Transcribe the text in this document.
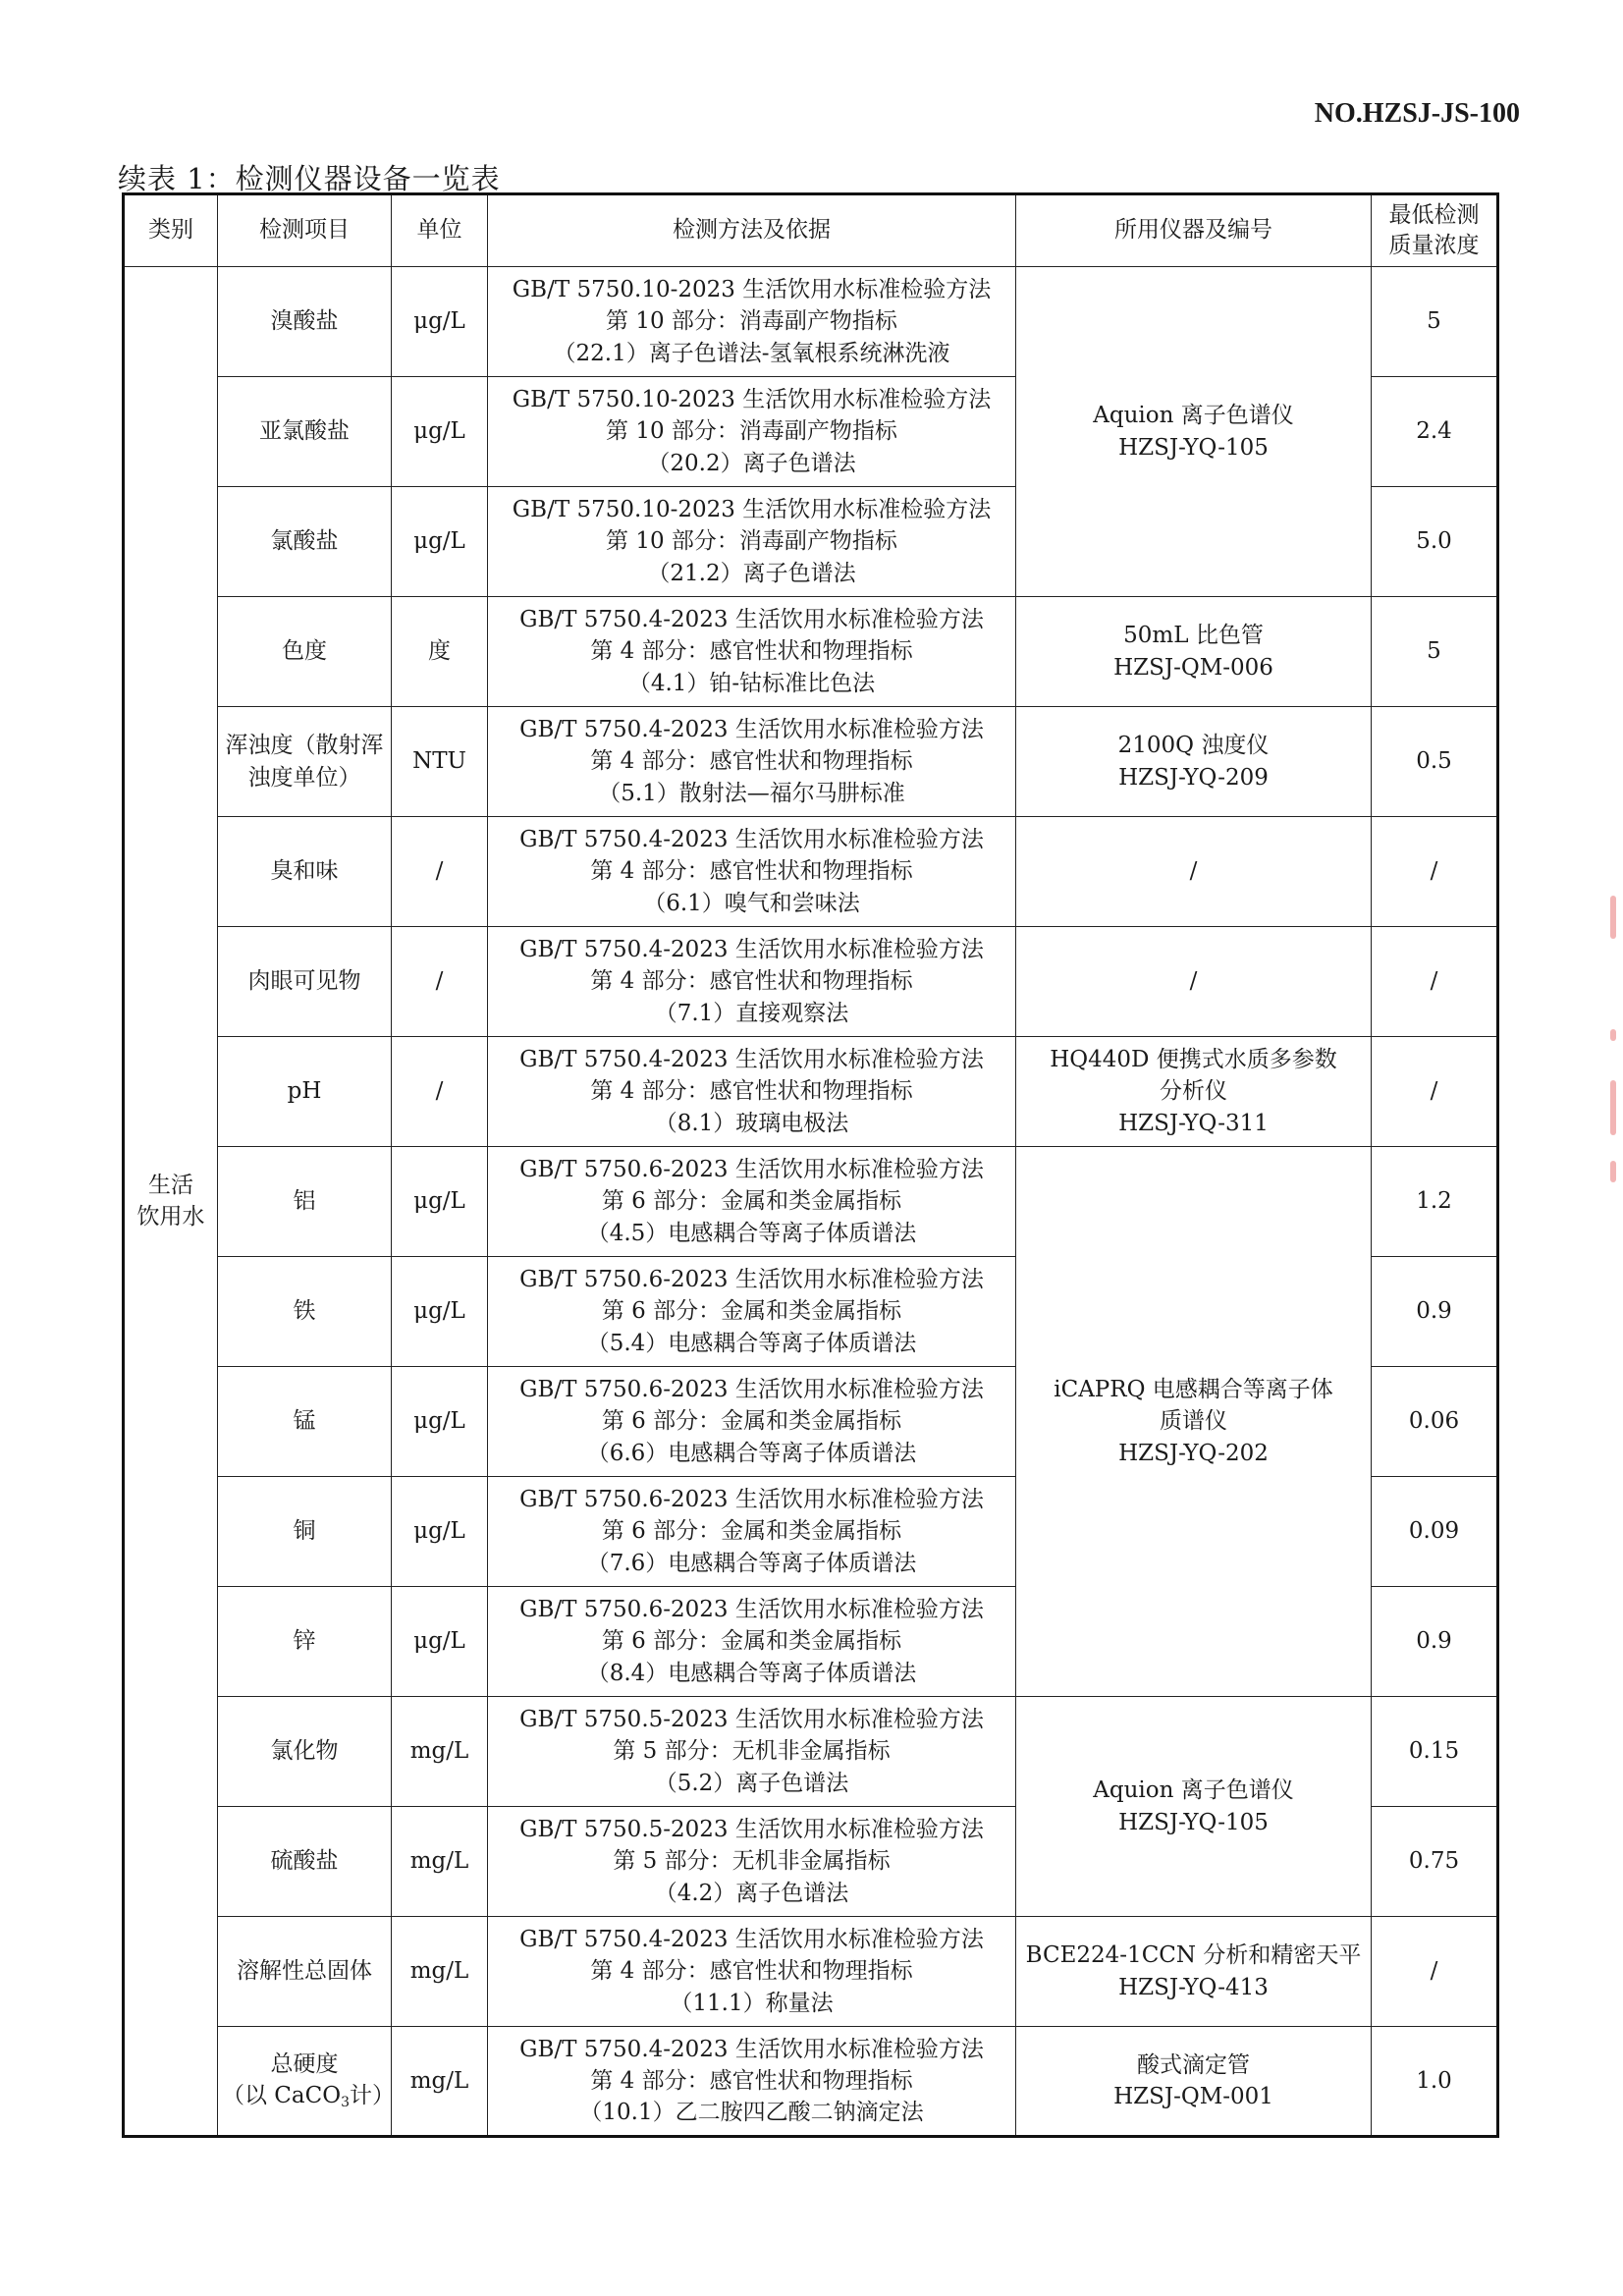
NO.HZSJ-JS-100
续表 1：检测仪器设备一览表
类别	检测项目	单位	检测方法及依据	所用仪器及编号	最低检测
质量浓度

生活
饮用水	溴酸盐	μg/L	GB/T 5750.10-2023 生活饮用水标准检验方法
第 10 部分：消毒副产物指标
（22.1）离子色谱法-氢氧根系统淋洗液	Aquion 离子色谱仪
HZSJ-YQ-105	5
	亚氯酸盐	μg/L	GB/T 5750.10-2023 生活饮用水标准检验方法
第 10 部分：消毒副产物指标
（20.2）离子色谱法		2.4
	氯酸盐	μg/L	GB/T 5750.10-2023 生活饮用水标准检验方法
第 10 部分：消毒副产物指标
（21.2）离子色谱法		5.0
	色度	度	GB/T 5750.4-2023 生活饮用水标准检验方法
第 4 部分：感官性状和物理指标
（4.1）铂-钴标准比色法	50mL 比色管
HZSJ-QM-006	5

	浑浊度（散射浑
浊度单位）	NTU	GB/T 5750.4-2023 生活饮用水标准检验方法
第 4 部分：感官性状和物理指标
（5.1）散射法—福尔马肼标准	2100Q 浊度仪
HZSJ-YQ-209	0.5
	臭和味	/	GB/T 5750.4-2023 生活饮用水标准检验方法
第 4 部分：感官性状和物理指标
（6.1）嗅气和尝味法	/	/
	肉眼可见物	/	GB/T 5750.4-2023 生活饮用水标准检验方法
第 4 部分：感官性状和物理指标
（7.1）直接观察法	/	/
	pH	/	GB/T 5750.4-2023 生活饮用水标准检验方法
第 4 部分：感官性状和物理指标
（8.1）玻璃电极法	HQ440D 便携式水质多参数
分析仪
HZSJ-YQ-311	/
	铝	μg/L	GB/T 5750.6-2023 生活饮用水标准检验方法
第 6 部分：金属和类金属指标
（4.5）电感耦合等离子体质谱法	iCAPRQ 电感耦合等离子体
质谱仪
HZSJ-YQ-202	1.2
	铁	μg/L	GB/T 5750.6-2023 生活饮用水标准检验方法
第 6 部分：金属和类金属指标
（5.4）电感耦合等离子体质谱法		0.9
	锰	μg/L	GB/T 5750.6-2023 生活饮用水标准检验方法
第 6 部分：金属和类金属指标
（6.6）电感耦合等离子体质谱法		0.06
	铜	μg/L	GB/T 5750.6-2023 生活饮用水标准检验方法
第 6 部分：金属和类金属指标
（7.6）电感耦合等离子体质谱法		0.09
	锌	μg/L	GB/T 5750.6-2023 生活饮用水标准检验方法
第 6 部分：金属和类金属指标
（8.4）电感耦合等离子体质谱法		0.9
	氯化物	mg/L	GB/T 5750.5-2023 生活饮用水标准检验方法
第 5 部分：无机非金属指标
（5.2）离子色谱法	Aquion 离子色谱仪
HZSJ-YQ-105	0.15
	硫酸盐	mg/L	GB/T 5750.5-2023 生活饮用水标准检验方法
第 5 部分：无机非金属指标
（4.2）离子色谱法		0.75
	溶解性总固体	mg/L	GB/T 5750.4-2023 生活饮用水标准检验方法
第 4 部分：感官性状和物理指标
（11.1）称量法	BCE224-1CCN 分析和精密天平
HZSJ-YQ-413	/

	总硬度
（以 CaCO$_3$计）	mg/L	GB/T 5750.4-2023 生活饮用水标准检验方法
第 4 部分：感官性状和物理指标
（10.1）乙二胺四乙酸二钠滴定法	酸式滴定管
HZSJ-QM-001	1.0
